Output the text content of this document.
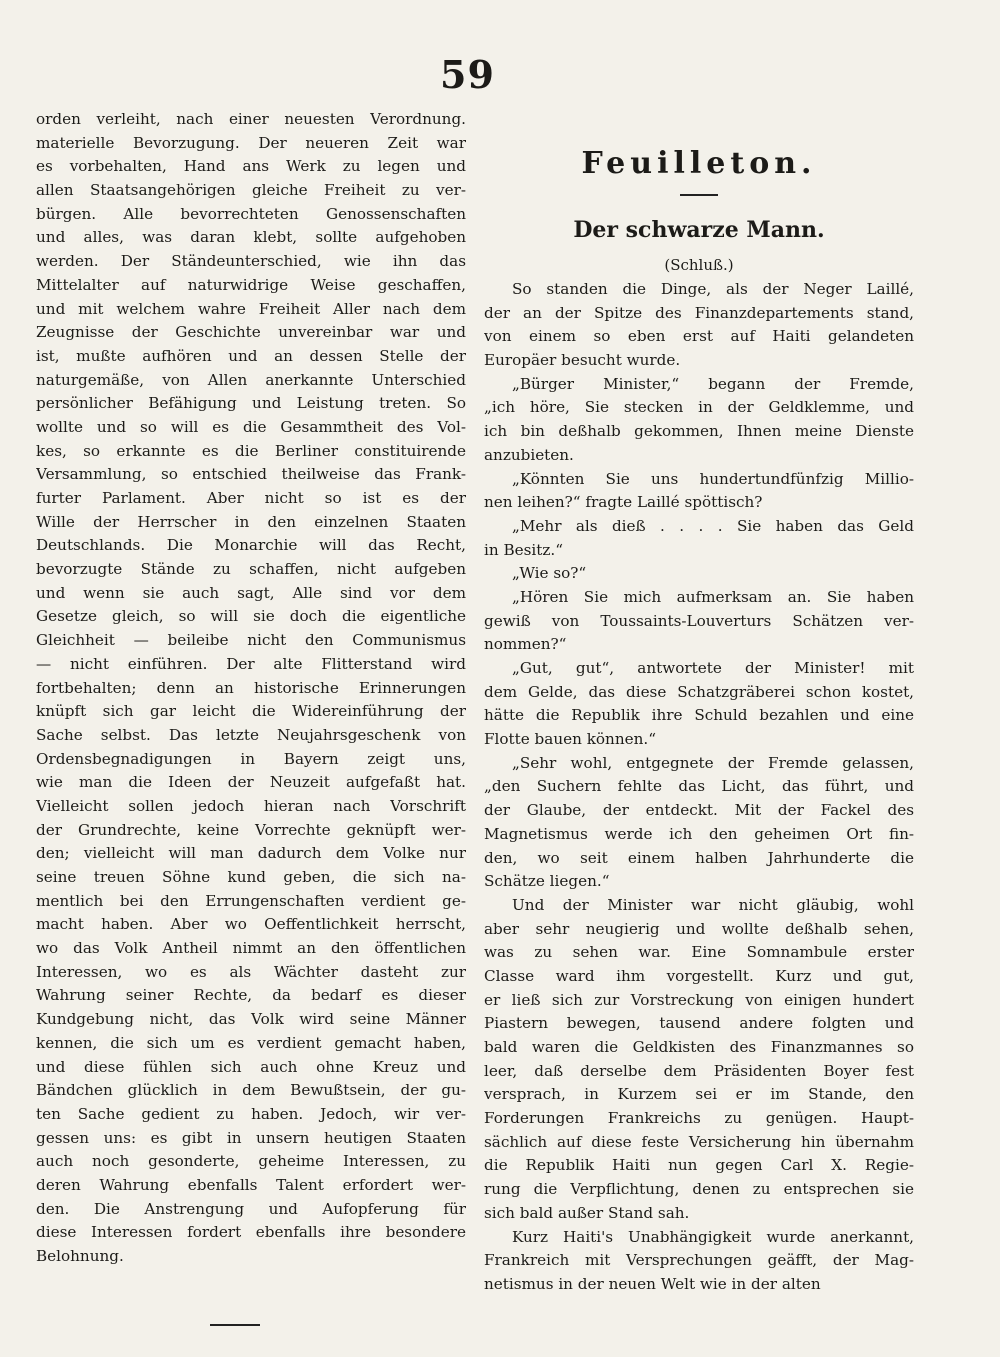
59
orden verleiht, nach einer neuesten Verordnung.
materielle Bevorzugung. Der neueren Zeit war
es vorbehalten, Hand ans Werk zu legen und
allen Staatsangehörigen gleiche Freiheit zu ver-
bürgen. Alle bevorrechteten Genossenschaften
und alles, was daran klebt, sollte aufgehoben
werden. Der Ständeunterschied, wie ihn das
Mittelalter auf naturwidrige Weise geschaffen,
und mit welchem wahre Freiheit Aller nach dem
Zeugnisse der Geschichte unvereinbar war und
ist, mußte aufhören und an dessen Stelle der
naturgemäße, von Allen anerkannte Unterschied
persönlicher Befähigung und Leistung treten. So
wollte und so will es die Gesammtheit des Vol-
kes, so erkannte es die Berliner constituirende
Versammlung, so entschied theilweise das Frank-
furter Parlament. Aber nicht so ist es der
Wille der Herrscher in den einzelnen Staaten
Deutschlands. Die Monarchie will das Recht,
bevorzugte Stände zu schaffen, nicht aufgeben
und wenn sie auch sagt, Alle sind vor dem
Gesetze gleich, so will sie doch die eigentliche
Gleichheit — beileibe nicht den Communismus
— nicht einführen. Der alte Flitterstand wird
fortbehalten; denn an historische Erinnerungen
knüpft sich gar leicht die Widereinführung der
Sache selbst. Das letzte Neujahrsgeschenk von
Ordensbegnadigungen in Bayern zeigt uns,
wie man die Ideen der Neuzeit aufgefaßt hat.
Vielleicht sollen jedoch hieran nach Vorschrift
der Grundrechte, keine Vorrechte geknüpft wer-
den; vielleicht will man dadurch dem Volke nur
seine treuen Söhne kund geben, die sich na-
mentlich bei den Errungenschaften verdient ge-
macht haben. Aber wo Oeffentlichkeit herrscht,
wo das Volk Antheil nimmt an den öffentlichen
Interessen, wo es als Wächter dasteht zur
Wahrung seiner Rechte, da bedarf es dieser
Kundgebung nicht, das Volk wird seine Männer
kennen, die sich um es verdient gemacht haben,
und diese fühlen sich auch ohne Kreuz und
Bändchen glücklich in dem Bewußtsein, der gu-
ten Sache gedient zu haben. Jedoch, wir ver-
gessen uns: es gibt in unsern heutigen Staaten
auch noch gesonderte, geheime Interessen, zu
deren Wahrung ebenfalls Talent erfordert wer-
den. Die Anstrengung und Aufopferung für
diese Interessen fordert ebenfalls ihre besondere
Belohnung.
Feuilleton.
Der schwarze Mann.
(Schluß.)
So standen die Dinge, als der Neger Laillé,
der an der Spitze des Finanzdepartements stand,
von einem so eben erst auf Haiti gelandeten
Europäer besucht wurde.
„Bürger Minister,“ begann der Fremde,
„ich höre, Sie stecken in der Geldklemme, und
ich bin deßhalb gekommen, Ihnen meine Dienste
anzubieten.
„Könnten Sie uns hundertundfünfzig Millio-
nen leihen?“ fragte Laillé spöttisch?
„Mehr als dieß . . . . Sie haben das Geld
in Besitz.“
„Wie so?“
„Hören Sie mich aufmerksam an. Sie haben
gewiß von Toussaints-Louverturs Schätzen ver-
nommen?“
„Gut, gut“, antwortete der Minister! mit
dem Gelde, das diese Schatzgräberei schon kostet,
hätte die Republik ihre Schuld bezahlen und eine
Flotte bauen können.“
„Sehr wohl, entgegnete der Fremde gelassen,
„den Suchern fehlte das Licht, das führt, und
der Glaube, der entdeckt. Mit der Fackel des
Magnetismus werde ich den geheimen Ort fin-
den, wo seit einem halben Jahrhunderte die
Schätze liegen.“
Und der Minister war nicht gläubig, wohl
aber sehr neugierig und wollte deßhalb sehen,
was zu sehen war. Eine Somnambule erster
Classe ward ihm vorgestellt. Kurz und gut,
er ließ sich zur Vorstreckung von einigen hundert
Piastern bewegen, tausend andere folgten und
bald waren die Geldkisten des Finanzmannes so
leer, daß derselbe dem Präsidenten Boyer fest
versprach, in Kurzem sei er im Stande, den
Forderungen Frankreichs zu genügen. Haupt-
sächlich auf diese feste Versicherung hin übernahm
die Republik Haiti nun gegen Carl X. Regie-
rung die Verpflichtung, denen zu entsprechen sie
sich bald außer Stand sah.
Kurz Haiti's Unabhängigkeit wurde anerkannt,
Frankreich mit Versprechungen geäfft, der Mag-
netismus in der neuen Welt wie in der alten
